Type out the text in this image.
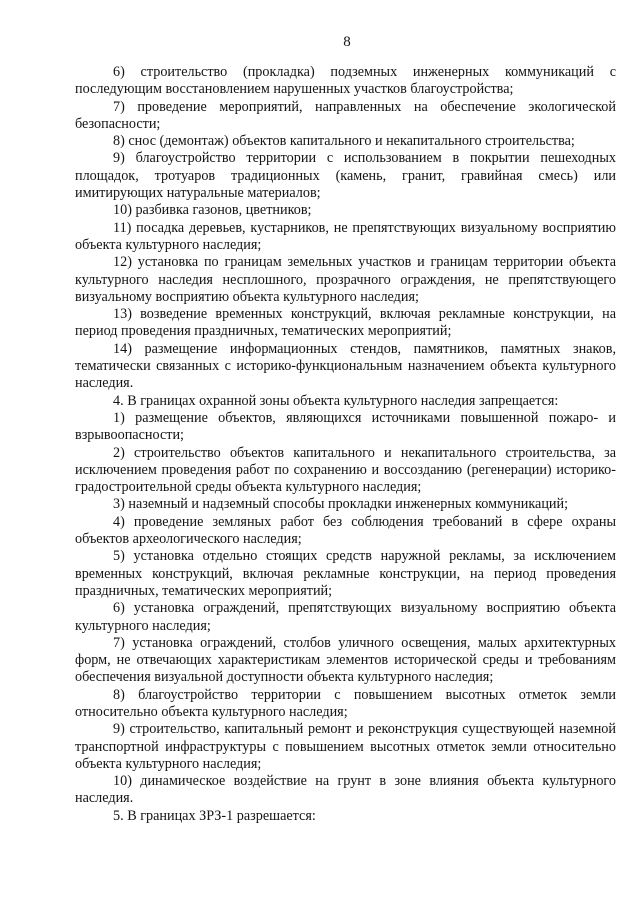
8

6) строительство (прокладка) подземных инженерных коммуникаций с последующим восстановлением нарушенных участков благоустройства;

7) проведение мероприятий, направленных на обеспечение экологической безопасности;

8) снос (демонтаж) объектов капитального и некапитального строительства;

9) благоустройство территории с использованием в покрытии пешеходных площадок, тротуаров традиционных (камень, гранит, гравийная смесь) или имитирующих натуральные материалов;

10) разбивка газонов, цветников;

11) посадка деревьев, кустарников, не препятствующих визуальному восприятию объекта культурного наследия;

12) установка по границам земельных участков и границам территории объекта культурного наследия несплошного, прозрачного ограждения, не препятствующего визуальному восприятию объекта культурного наследия;

13) возведение временных конструкций, включая рекламные конструкции, на период проведения праздничных, тематических мероприятий;

14) размещение информационных стендов, памятников, памятных знаков, тематически связанных с историко-функциональным назначением объекта культурного наследия.

4. В границах охранной зоны объекта культурного наследия запрещается:

1) размещение объектов, являющихся источниками повышенной пожаро- и взрывоопасности;

2) строительство объектов капитального и некапитального строительства, за исключением проведения работ по сохранению и воссозданию (регенерации) историко-градостроительной среды объекта культурного наследия;

3) наземный и надземный способы прокладки инженерных коммуникаций;

4) проведение земляных работ без соблюдения требований в сфере охраны объектов археологического наследия;

5) установка отдельно стоящих средств наружной рекламы, за исключением временных конструкций, включая рекламные конструкции, на период проведения праздничных, тематических мероприятий;

6) установка ограждений, препятствующих визуальному восприятию объекта культурного наследия;

7) установка ограждений, столбов уличного освещения, малых архитектурных форм, не отвечающих характеристикам элементов исторической среды и требованиям обеспечения визуальной доступности объекта культурного наследия;

8) благоустройство территории с повышением высотных отметок земли относительно объекта культурного наследия;

9) строительство, капитальный ремонт и реконструкция существующей наземной транспортной инфраструктуры с повышением высотных отметок земли относительно объекта культурного наследия;

10) динамическое воздействие на грунт в зоне влияния объекта культурного наследия.

5. В границах ЗРЗ-1 разрешается:
